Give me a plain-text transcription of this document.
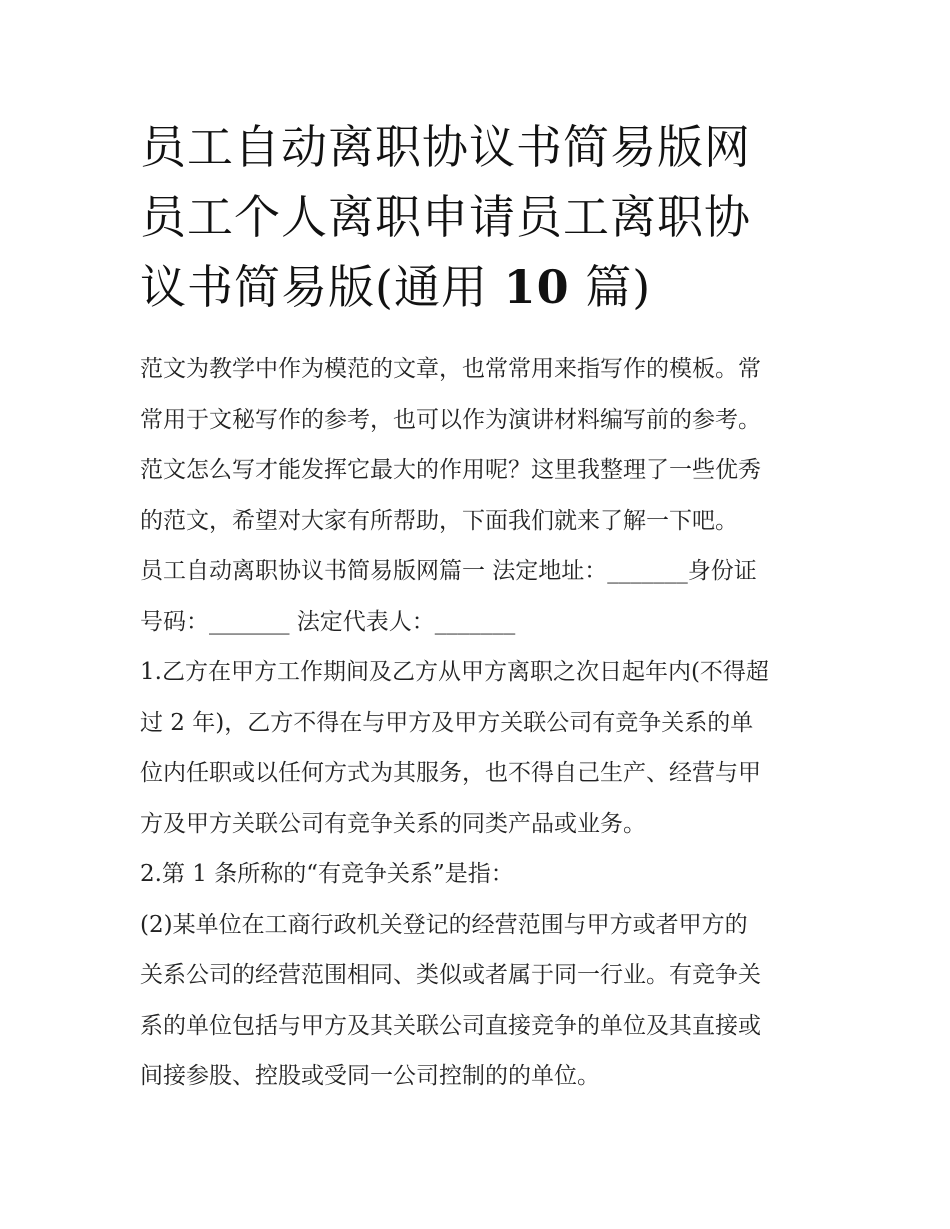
员工自动离职协议书简易版网
员工个人离职申请员工离职协
议书简易版(通用 10 篇)
范文为教学中作为模范的文章，也常常用来指写作的模板。常
常用于文秘写作的参考，也可以作为演讲材料编写前的参考。
范文怎么写才能发挥它最大的作用呢？这里我整理了一些优秀
的范文，希望对大家有所帮助，下面我们就来了解一下吧。
员工自动离职协议书简易版网篇一 法定地址：_______身份证
号码：_______ 法定代表人：_______
1.乙方在甲方工作期间及乙方从甲方离职之次日起年内(不得超
过 2 年)，乙方不得在与甲方及甲方关联公司有竞争关系的单
位内任职或以任何方式为其服务，也不得自己生产、经营与甲
方及甲方关联公司有竞争关系的同类产品或业务。
2.第 1 条所称的“有竞争关系”是指：
(2)某单位在工商行政机关登记的经营范围与甲方或者甲方的
关系公司的经营范围相同、类似或者属于同一行业。有竞争关
系的单位包括与甲方及其关联公司直接竞争的单位及其直接或
间接参股、控股或受同一公司控制的的单位。
